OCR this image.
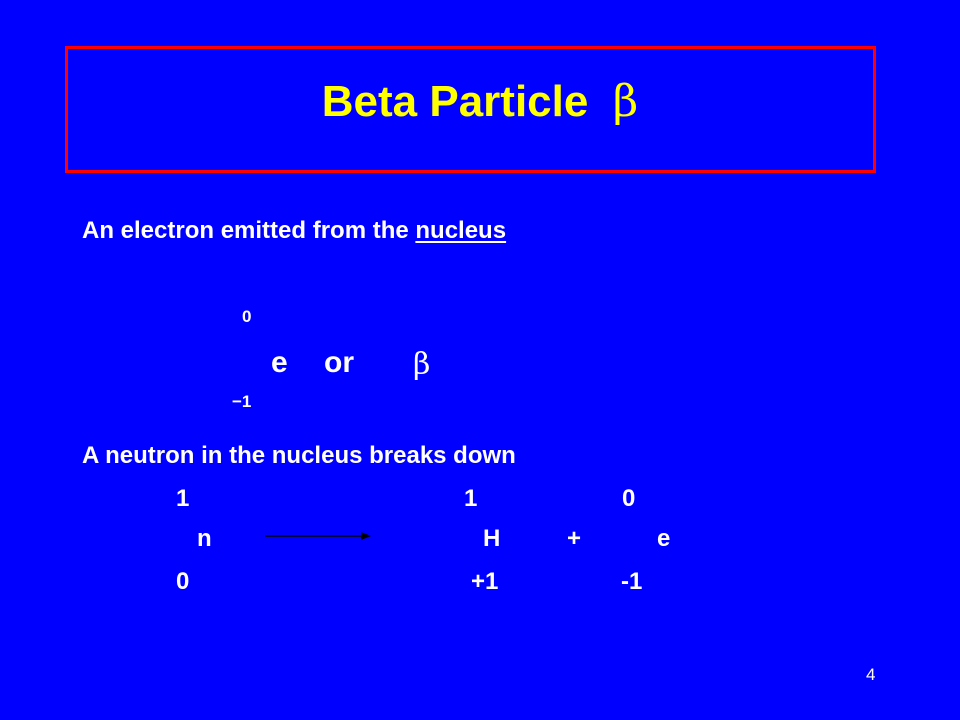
Beta Particle β
An electron emitted from the nucleus
0
e or β
−1
A neutron in the nucleus breaks down
1
n
0
1
H
+1
+
0
e
-1
4
